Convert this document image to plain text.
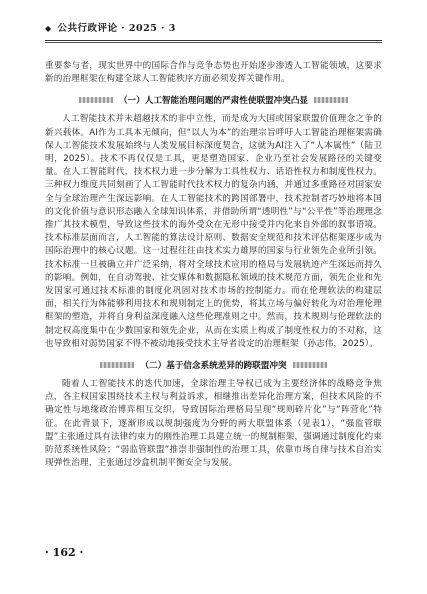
◆ 公共行政评论 · 2025 · 3

重要参与者，现实世界中的国际合作与竞争态势也开始逐步渗透人工智能领域，这要求新的治理框架在构建全球人工智能秩序方面必须发挥关键作用。

（一）人工智能治理问题的严肃性使联盟冲突凸显

人工智能技术并未超越技术的非中立性，而是成为大国或国家联盟价值理念之争的新兴载体。AI作为工具本无倾向，但“以人为本”的治理宗旨呼吁人工智能治理框架需确保人工智能技术发展始终与人类发展目标深度契合，这就为AI注入了“人本属性”（陆卫明，2025）。技术不再仅仅是工具，更是塑造国家、企业乃至社会发展路径的关键变量。在人工智能时代，技术权力进一步分解为工具性权力、话语性权力和制度性权力。三种权力维度共同刻画了人工智能时代技术权力的复杂内涵，并通过多重路径对国家安全与全球治理产生深远影响。在人工智能技术的跨国部署中，技术控制者巧妙地将本国的文化价值与意识形态融入全球知识体系，并借助所谓“透明性”与“公平性”等治理理念推广其技术模型，导致这些技术的海外受众在无形中接受并内化来自外部的叙事语境。技术标准层面而言，人工智能的算法设计原则、数据安全规范和技术评估框架逐步成为国际治理中的核心议题。这一过程往往由技术实力雄厚的国家与行业领先企业所引领。技术标准一旦被确立并广泛采纳，将对全球技术应用的格局与发展轨迹产生深远而持久的影响。例如，在自动驾驶、社交媒体和数据隐私领域的技术规范方面，领先企业和先发国家可通过技术标准的制度化巩固对技术市场的控制能力。而在伦理软法的构建层面，相关行为体能够利用技术和规则制定上的优势，将其立场与偏好转化为对治理伦理框架的塑造，并将自身利益深度融入这些伦理准则之中。然而，技术规则与伦理软法的制定权高度集中在少数国家和领先企业，从而在实质上构成了制度性权力的不对称，这也导致相对弱势国家不得不被动地接受技术主导者设定的治理框架（孙志伟，2025）。

（二）基于信念系统差异的跨联盟冲突

随着人工智能技术的迭代加速，全球治理主导权已成为主要经济体的战略竞争焦点，各主权国家围绕技术主权与利益诉求，相继推出差异化治理方案，但技术风险的不确定性与地缘政治博弈相互交织，导致国际治理格局呈现“规则碎片化”与“阵营化”特征。在此背景下，逐渐形成以规制强度为分野的两大联盟体系（见表1），“强监管联盟”主张通过具有法律约束力的刚性治理工具建立统一的规制框架，强调通过制度化约束防范系统性风险；“弱监管联盟”推崇非强制性的治理工具，依靠市场自律与技术自治实现弹性治理，主张通过沙盒机制平衡安全与发展。

· 162 ·
